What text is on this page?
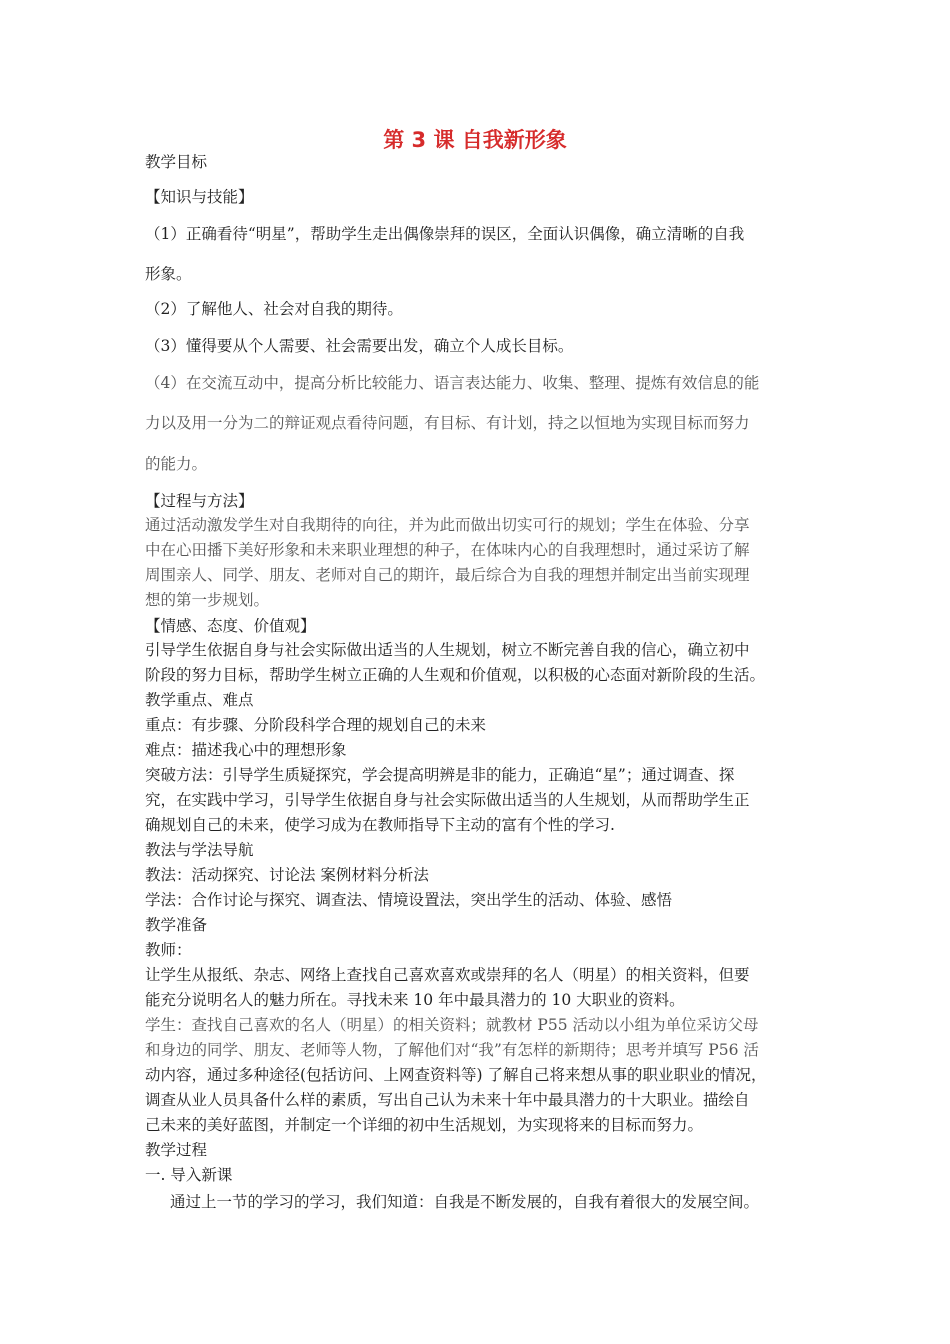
第 3 课 自我新形象
教学目标
【知识与技能】
（1）正确看待“明星”，帮助学生走出偶像崇拜的误区，全面认识偶像，确立清晰的自我
形象。
（2）了解他人、社会对自我的期待。
（3）懂得要从个人需要、社会需要出发，确立个人成长目标。
（4）在交流互动中，提高分析比较能力、语言表达能力、收集、整理、提炼有效信息的能
力以及用一分为二的辩证观点看待问题，有目标、有计划，持之以恒地为实现目标而努力
的能力。
【过程与方法】
通过活动激发学生对自我期待的向往，并为此而做出切实可行的规划；学生在体验、分享
中在心田播下美好形象和未来职业理想的种子，在体味内心的自我理想时，通过采访了解
周围亲人、同学、朋友、老师对自己的期许，最后综合为自我的理想并制定出当前实现理
想的第一步规划。
【情感、态度、价值观】
引导学生依据自身与社会实际做出适当的人生规划，树立不断完善自我的信心，确立初中
阶段的努力目标，帮助学生树立正确的人生观和价值观，以积极的心态面对新阶段的生活。
教学重点、难点
重点：有步骤、分阶段科学合理的规划自己的未来
难点：描述我心中的理想形象
突破方法：引导学生质疑探究，学会提高明辨是非的能力，正确追“星”；通过调查、探
究，在实践中学习，引导学生依据自身与社会实际做出适当的人生规划，从而帮助学生正
确规划自己的未来，使学习成为在教师指导下主动的富有个性的学习.
教法与学法导航
教法：活动探究、讨论法 案例材料分析法
学法：合作讨论与探究、调查法、情境设置法，突出学生的活动、体验、感悟
教学准备
教师：
让学生从报纸、杂志、网络上查找自己喜欢喜欢或崇拜的名人（明星）的相关资料，但要
能充分说明名人的魅力所在。寻找未来 10 年中最具潜力的 10 大职业的资料。
学生：查找自己喜欢的名人（明星）的相关资料；就教材 P55 活动以小组为单位采访父母
和身边的同学、朋友、老师等人物，了解他们对“我”有怎样的新期待；思考并填写 P56 活
动内容，通过多种途径(包括访问、上网查资料等) 了解自己将来想从事的职业职业的情况，
调查从业人员具备什么样的素质，写出自己认为未来十年中最具潜力的十大职业。描绘自
己未来的美好蓝图，并制定一个详细的初中生活规划，为实现将来的目标而努力。
教学过程
一. 导入新课
通过上一节的学习的学习，我们知道：自我是不断发展的，自我有着很大的发展空间。
